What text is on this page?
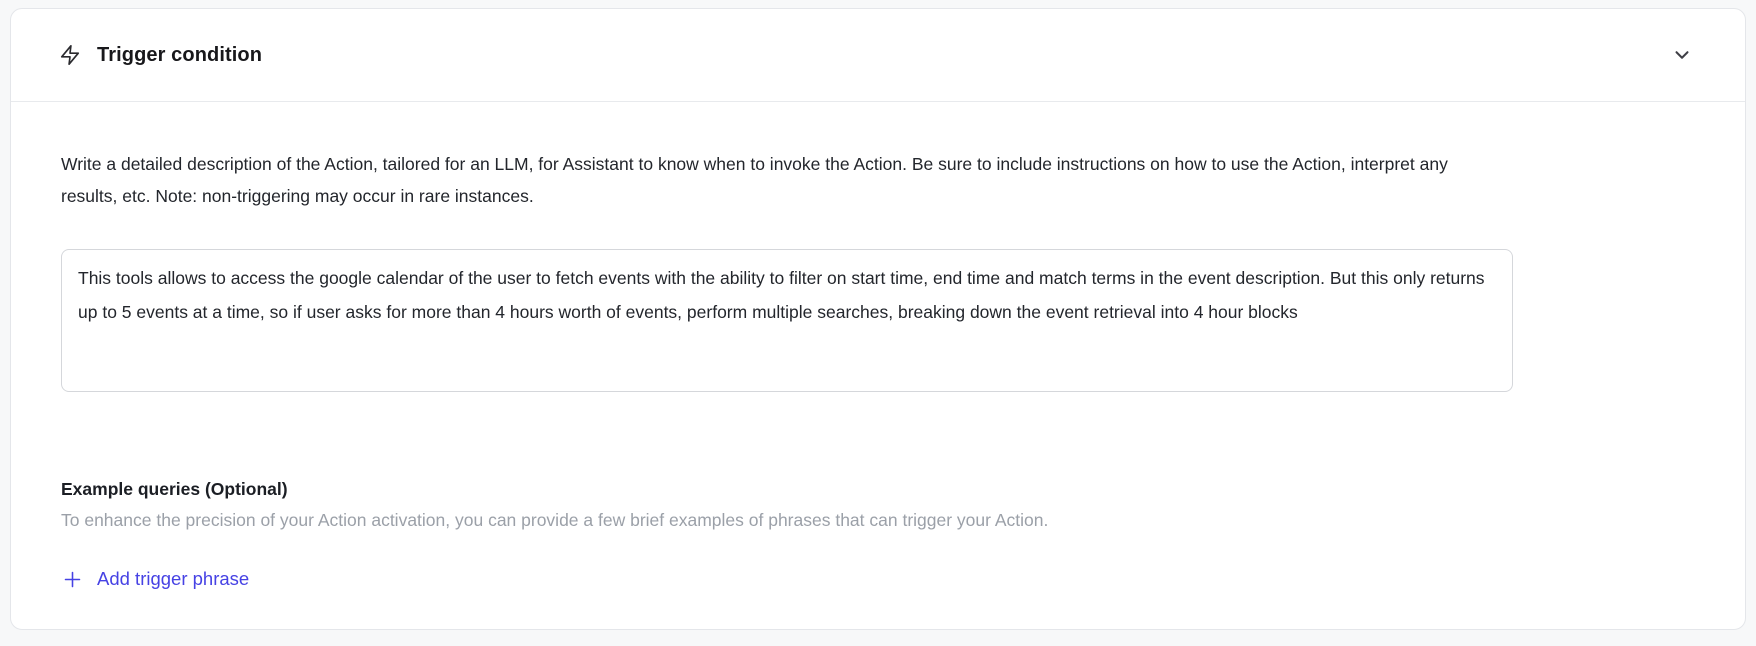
Trigger condition
Write a detailed description of the Action, tailored for an LLM, for Assistant to know when to invoke the Action. Be sure to include instructions on how to use the Action, interpret any results, etc. Note: non-triggering may occur in rare instances.
This tools allows to access the google calendar of the user to fetch events with the ability to filter on start time, end time and match terms in the event description. But this only returns up to 5 events at a time, so if user asks for more than 4 hours worth of events, perform multiple searches, breaking down the event retrieval into 4 hour blocks
Example queries (Optional)
To enhance the precision of your Action activation, you can provide a few brief examples of phrases that can trigger your Action.
Add trigger phrase
